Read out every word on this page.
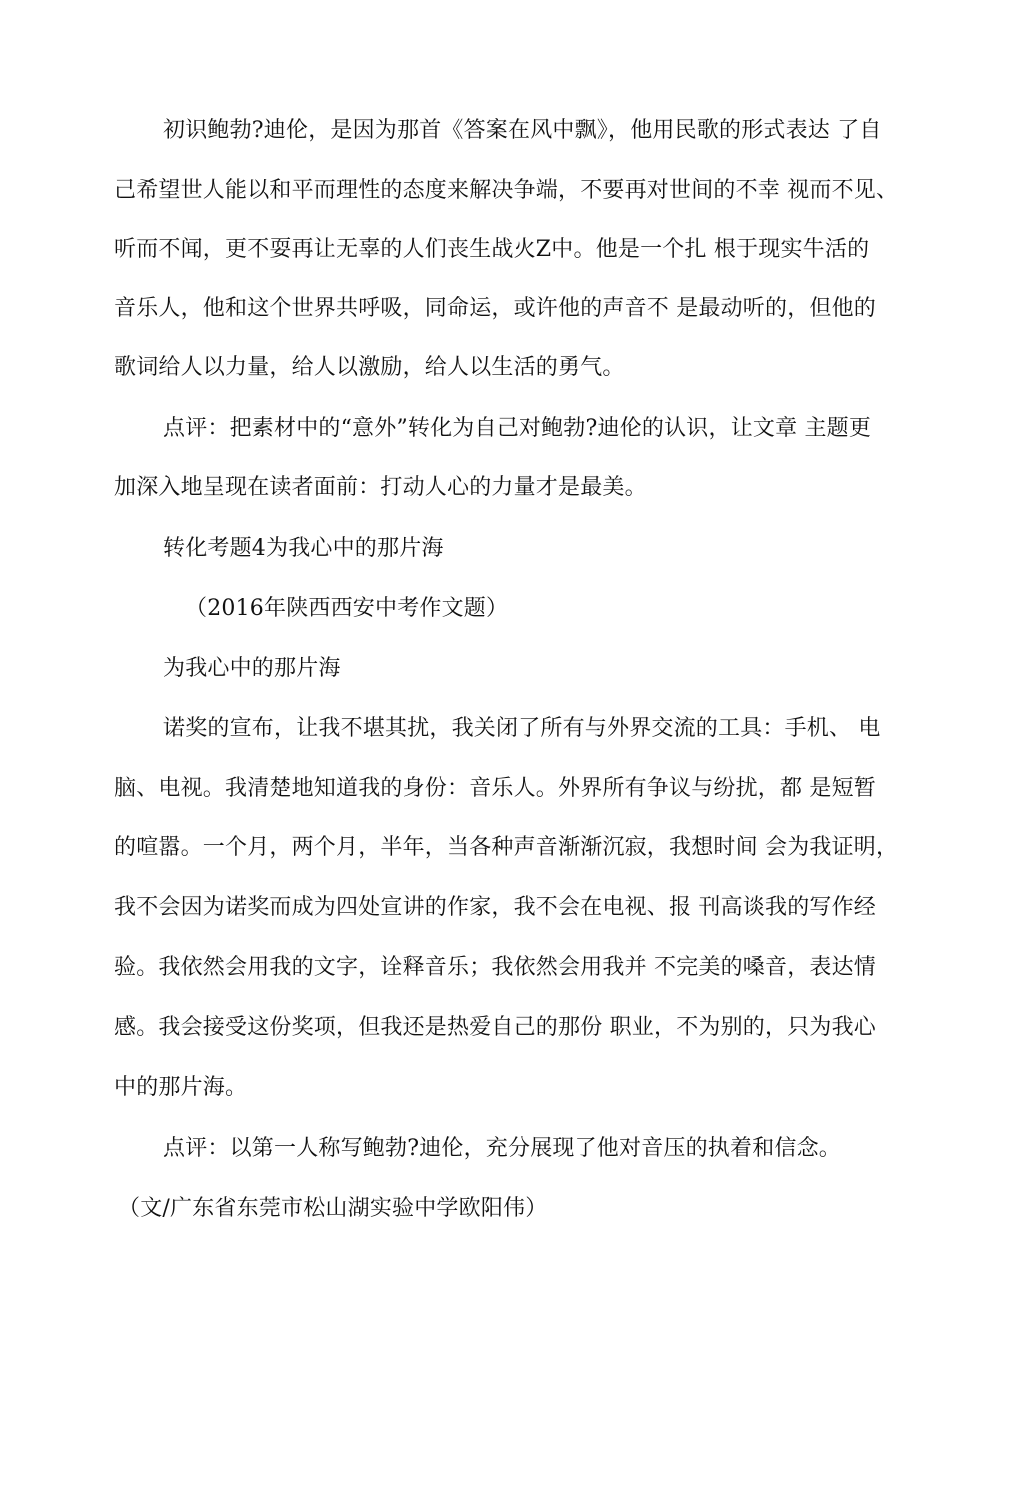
初识鲍勃?迪伦，是因为那首《答案在风中飘》，他用民歌的形式表达 了自
己希望世人能以和平而理性的态度来解决争端，不要再对世间的不幸 视而不见、
听而不闻，更不耍再让无辜的人们丧生战火Z中。他是一个扎 根于现实牛活的
音乐人，他和这个世界共呼吸，同命运，或许他的声音不 是最动听的，但他的
歌词给人以力量，给人以激励，给人以生活的勇气。
点评：把素材中的“意外”转化为自己对鲍勃?迪伦的认识，让文章 主题更
加深入地呈现在读者面前：打动人心的力量才是最美。
转化考题4为我心中的那片海
（2016年陕西西安中考作文题）
为我心中的那片海
诺奖的宣布，让我不堪其扰，我关闭了所有与外界交流的工具：手机、 电
脑、电视。我清楚地知道我的身份：音乐人。外界所有争议与纷扰，都 是短暂
的喧嚣。一个月，两个月，半年，当各种声音渐渐沉寂，我想时间 会为我证明，
我不会因为诺奖而成为四处宣讲的作家，我不会在电视、报 刊高谈我的写作经
验。我依然会用我的文字，诠释音乐；我依然会用我并 不完美的嗓音，表达情
感。我会接受这份奖项，但我还是热爱自己的那份 职业，不为别的，只为我心
中的那片海。
点评：以第一人称写鲍勃?迪伦，充分展现了他对音压的执着和信念。
（文/广东省东莞市松山湖实验中学欧阳伟）
